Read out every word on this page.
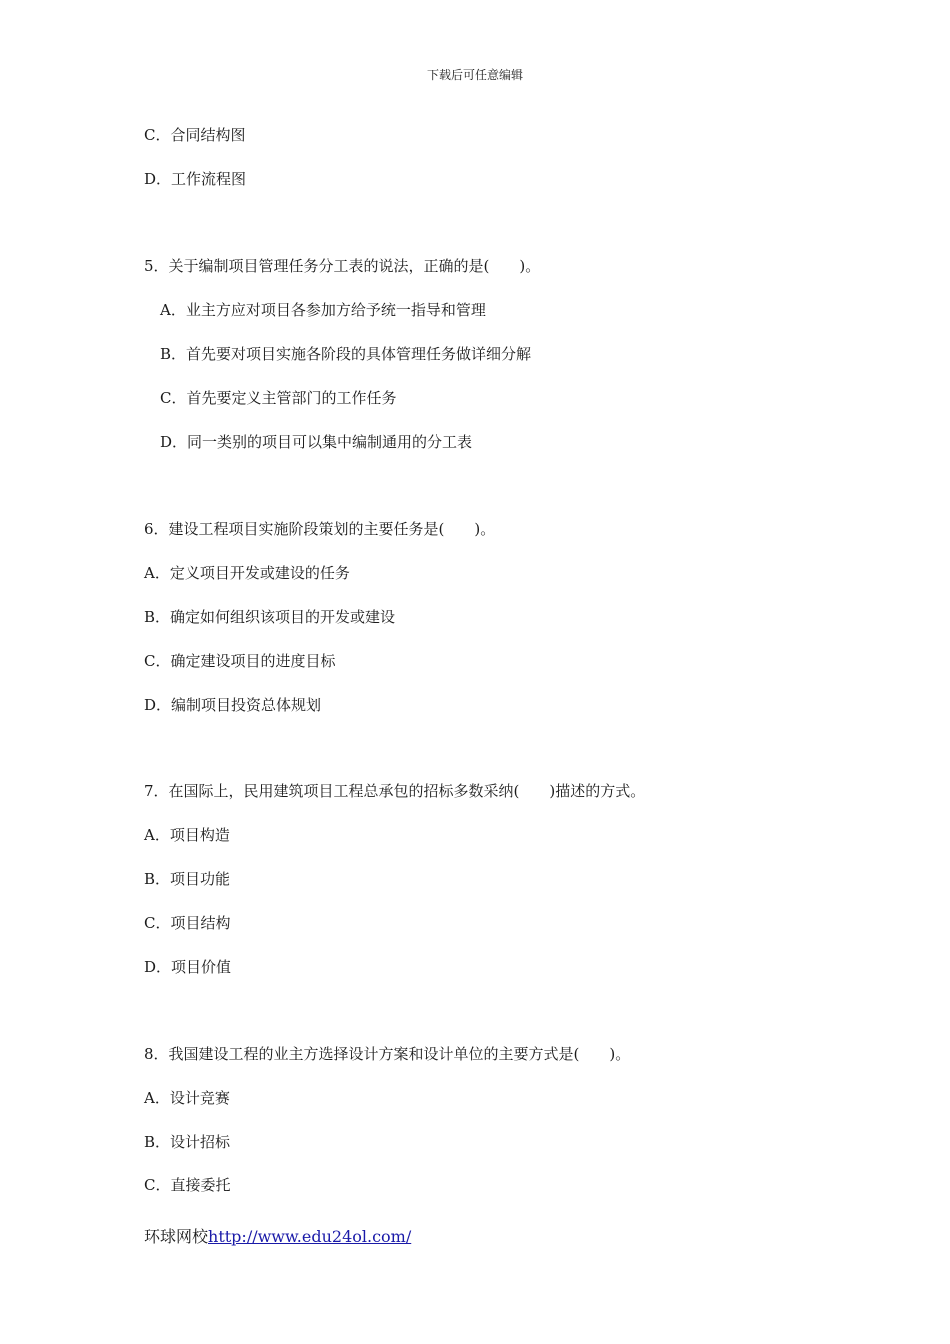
下载后可任意编辑
C．合同结构图
D．工作流程图
5．关于编制项目管理任务分工表的说法，正确的是(　　)。
A．业主方应对项目各参加方给予统一指导和管理
B．首先要对项目实施各阶段的具体管理任务做详细分解
C．首先要定义主管部门的工作任务
D．同一类别的项目可以集中编制通用的分工表
6．建设工程项目实施阶段策划的主要任务是(　　)。
A．定义项目开发或建设的任务
B．确定如何组织该项目的开发或建设
C．确定建设项目的进度目标
D．编制项目投资总体规划
7．在国际上，民用建筑项目工程总承包的招标多数采纳(　　)描述的方式。
A．项目构造
B．项目功能
C．项目结构
D．项目价值
8．我国建设工程的业主方选择设计方案和设计单位的主要方式是(　　)。
A．设计竞赛
B．设计招标
C．直接委托
环球网校http://www.edu24ol.com/
